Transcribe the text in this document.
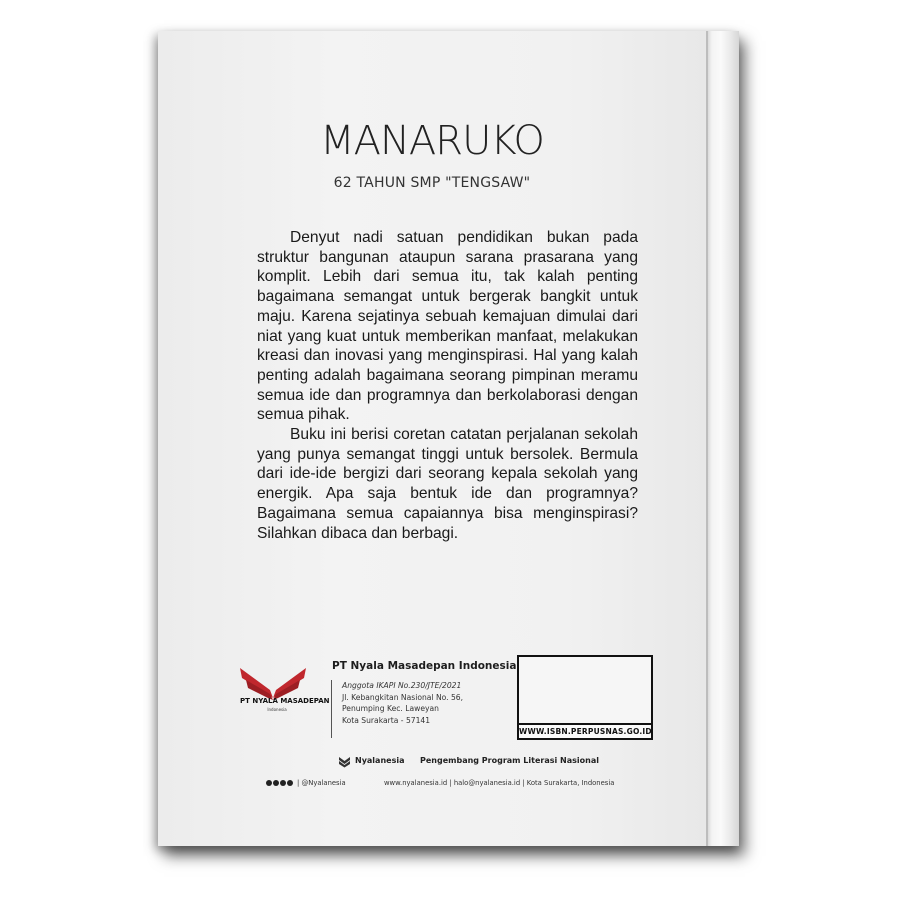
MANARUKO
62 TAHUN SMP "TENGSAW"

Denyut nadi satuan pendidikan bukan pada struktur bangunan ataupun sarana prasarana yang komplit. Lebih dari semua itu, tak kalah penting bagaimana semangat untuk bergerak bangkit untuk maju. Karena sejatinya sebuah kemajuan dimulai dari niat yang kuat untuk memberikan manfaat, melakukan kreasi dan inovasi yang menginspirasi. Hal yang kalah penting adalah bagaimana seorang pimpinan meramu semua ide dan programnya dan berkolaborasi dengan semua pihak.

Buku ini berisi coretan catatan perjalanan sekolah yang punya semangat tinggi untuk bersolek. Bermula dari ide-ide bergizi dari seorang kepala sekolah yang energik. Apa saja bentuk ide dan programnya? Bagaimana semua capaiannya bisa menginspirasi? Silahkan dibaca dan berbagi.

PT NYALA MASADEPAN
Indonesia
PT Nyala Masadepan Indonesia
Anggota IKAPI No.230/JTE/2021
Jl. Kebangkitan Nasional No. 56,
Penumping Kec. Laweyan
Kota Surakarta - 57141
WWW.ISBN.PERPUSNAS.GO.ID
Nyalanesia Pengembang Program Literasi Nasional
| @Nyalanesia	www.nyalanesia.id | halo@nyalanesia.id | Kota Surakarta, Indonesia
